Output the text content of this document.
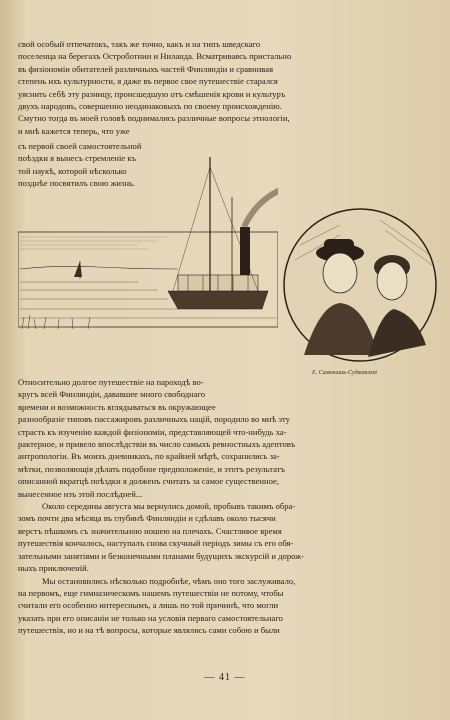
свой особый отпечатокъ, такъ же точно, какъ и на типъ шведскаго
поселенца на берегахъ Остроботнии и Ниланда. Всматриваясь пристально
въ физіономіи обитателей различныхъ частей Финляндіи и сравнивая
степень ихъ культурности, я даже въ первое свое путешествіе старался
уяснить себѣ эту разницу, происшедшую отъ смѣшенія крови и культуръ
двухъ народовъ, совершенно неодинаковыхъ по своему происхожденію.
Смутно тогда въ моей головѣ поднимались различные вопросы этнологіи,
и мнѣ кажется теперь, что уже
съ первой своей самостоятельной
поѣздки я вынесъ стремленіе къ
той наукѣ, которой нѣсколько
позднѣе посвятилъ свою жизнь.
Е. Самокишъ-Судковская
Относительно долгое путешествіе на пароходѣ во-
кругъ всей Финляндіи, дававшее много свободнаго
времени и возможность вглядываться въ окружающее
разнообразіе типовъ пассажировъ различныхъ націй, породило во мнѣ эту
страсть къ изученію каждой физіономіи, представляющей что-нибудь ха-
рактерное, и привело впослѣдствіи въ число самыхъ ревностныхъ адептовъ
антропологіи. Въ моихъ дневникахъ, по крайней мѣрѣ, сохранились за-
мѣтки, позволяющія дѣлать подобное предположеніе, и этотъ результатъ
описанной вкратцѣ поѣздки я долженъ считать за самое существенное,
вынесенное изъ этой послѣдней...
Около середины августа мы вернулись домой, пробывъ такимъ обра-
зомъ почти два мѣсяца въ глубинѣ Финляндіи и сдѣлавъ около тысячи
верстъ пѣшкомъ съ значительною ношею на плечахъ. Счастливое время
путешествія кончалось, наступалъ снова скучный періодъ зимы съ его обя-
зательными занятіями и безконечными планами будущихъ экскурсій и дорож-
ныхъ приключеній.
Мы остановились нѣсколько подробнѣе, чѣмъ оно того заслуживало,
на первомъ, еще гимназическомъ нашемъ путешествіи не потому, чтобы
считали его особенно интереснымъ, а лишь по той причинѣ, что могли
указать при его описаніи не только на условія перваго самостоятельнаго
путешествія, но и на тѣ вопросы, которые являлись сами собою и были
— 41 —
